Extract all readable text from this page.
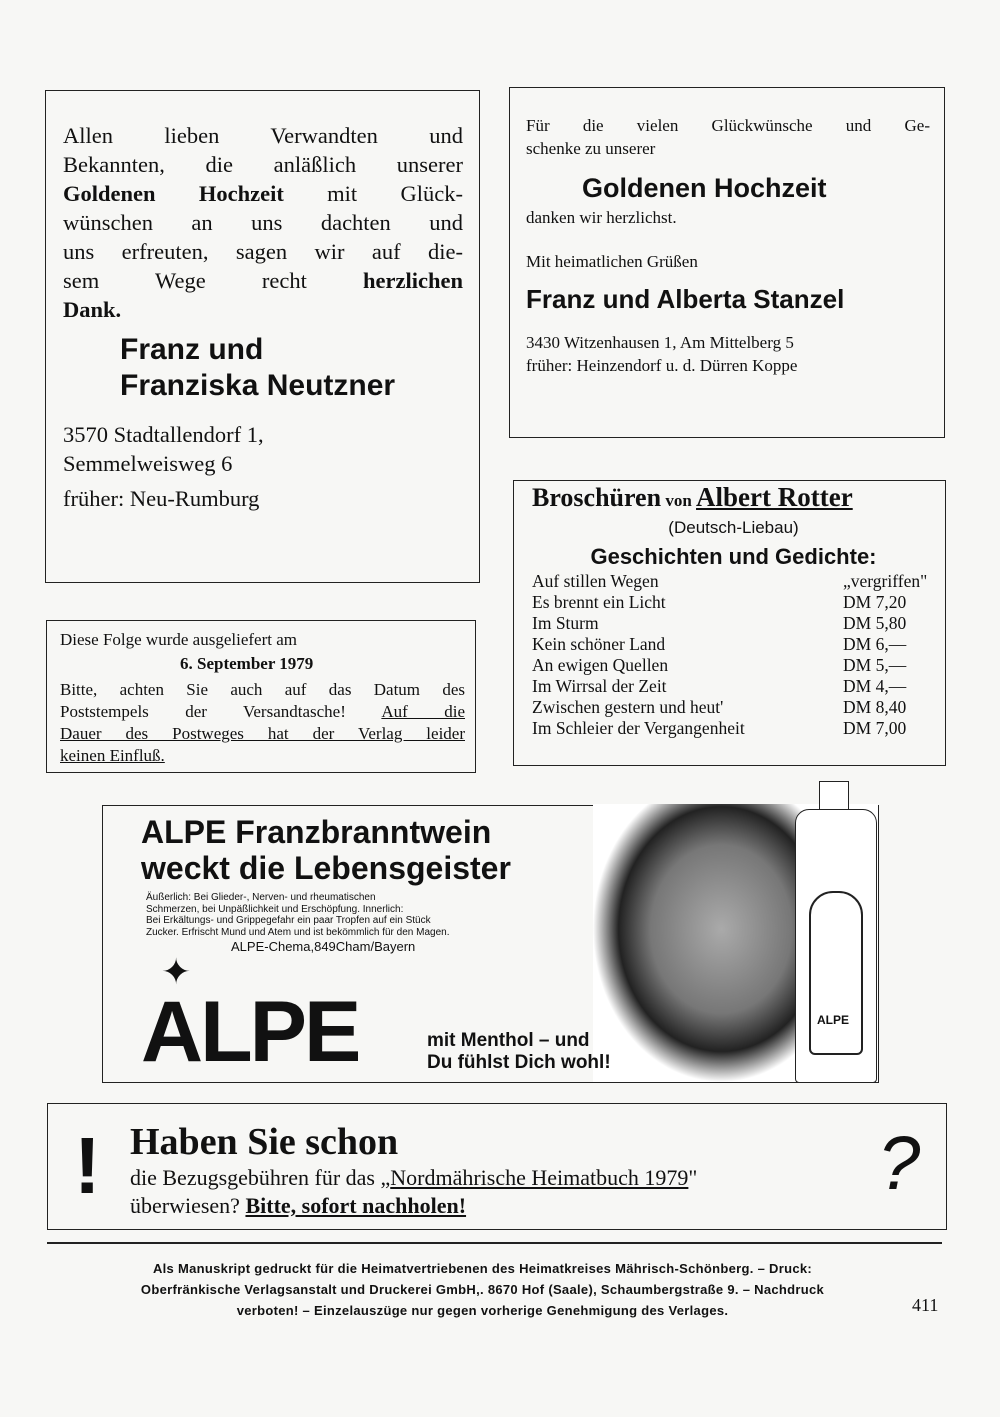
Allen lieben Verwandten und
Bekannten, die anläßlich unserer
Goldenen Hochzeit mit Glück-
wünschen an uns dachten und
uns erfreuten, sagen wir auf die-
sem Wege recht herzlichen
Dank.
Franz und
Franziska Neutzner
3570 Stadtallendorf 1,
Semmelweisweg 6
früher: Neu-Rumburg
Für die vielen Glückwünsche und Ge-
schenke zu unserer
Goldenen Hochzeit
danken wir herzlichst.
Mit heimatlichen Grüßen
Franz und Alberta Stanzel
3430 Witzenhausen 1, Am Mittelberg 5
früher: Heinzendorf u. d. Dürren Koppe
Broschüren von Albert Rotter
(Deutsch-Liebau)
Geschichten und Gedichte:
Auf stillen Wegen	„vergriffen"
Es brennt ein Licht	DM 7,20
Im Sturm	DM 5,80
Kein schöner Land	DM 6,—
An ewigen Quellen	DM 5,—
Im Wirrsal der Zeit	DM 4,—
Zwischen gestern und heut'	DM 8,40
Im Schleier der Vergangenheit	DM 7,00
Diese Folge wurde ausgeliefert am
6. September 1979
Bitte, achten Sie auch auf das Datum des
Poststempels der Versandtasche! Auf die
Dauer des Postweges hat der Verlag leider
keinen Einfluß.
ALPE
ALPE Franzbranntwein
weckt die Lebensgeister
Äußerlich: Bei Glieder-, Nerven- und rheumatischen
Schmerzen, bei Unpäßlichkeit und Erschöpfung. Innerlich:
Bei Erkältungs- und Grippegefahr ein paar Tropfen auf ein Stück
Zucker. Erfrischt Mund und Atem und ist bekömmlich für den Magen.
ALPE-Chema,849Cham/Bayern
✦
ALPE	mit Menthol – und
Du fühlst Dich wohl!
! Haben Sie schon
die Bezugsgebühren für das „Nordmährische Heimatbuch 1979"
überwiesen? Bitte, sofort nachholen!	?
Als Manuskript gedruckt für die Heimatvertriebenen des Heimatkreises Mährisch-Schönberg. – Druck:
Oberfränkische Verlagsanstalt und Druckerei GmbH,. 8670 Hof (Saale), Schaumbergstraße 9. – Nachdruck
verboten! – Einzelauszüge nur gegen vorherige Genehmigung des Verlages.	411
